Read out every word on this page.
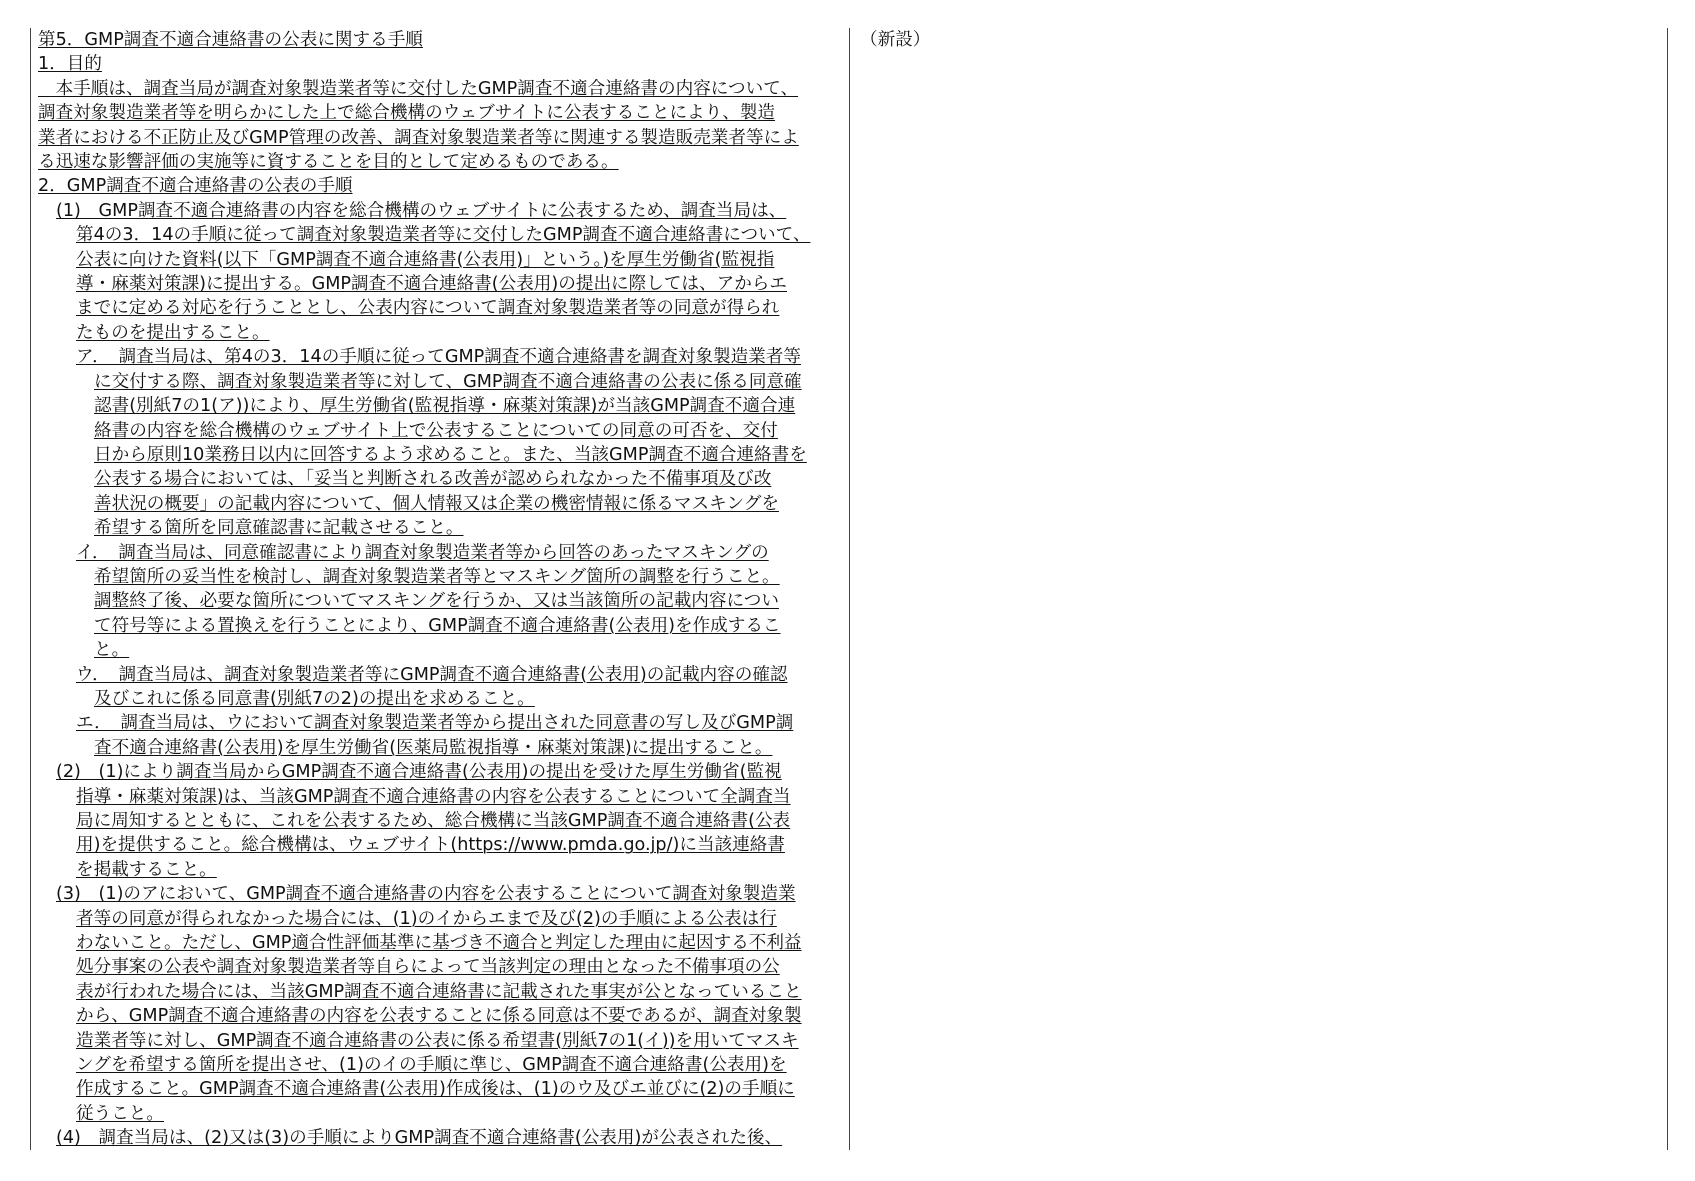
第5．GMP調査不適合連絡書の公表に関する手順
1．目的
　本手順は、調査当局が調査対象製造業者等に交付したGMP調査不適合連絡書の内容について、
調査対象製造業者等を明らかにした上で総合機構のウェブサイトに公表することにより、製造
業者における不正防止及びGMP管理の改善、調査対象製造業者等に関連する製造販売業者等によ
る迅速な影響評価の実施等に資することを目的として定めるものである。
2．GMP調査不適合連絡書の公表の手順
(1)　GMP調査不適合連絡書の内容を総合機構のウェブサイトに公表するため、調査当局は、
第4の3．14の手順に従って調査対象製造業者等に交付したGMP調査不適合連絡書について、
公表に向けた資料(以下「GMP調査不適合連絡書(公表用)」という。)を厚生労働省(監視指
導・麻薬対策課)に提出する。GMP調査不適合連絡書(公表用)の提出に際しては、アからエ
までに定める対応を行うこととし、公表内容について調査対象製造業者等の同意が得られ
たものを提出すること。
ア．　調査当局は、第4の3．14の手順に従ってGMP調査不適合連絡書を調査対象製造業者等
に交付する際、調査対象製造業者等に対して、GMP調査不適合連絡書の公表に係る同意確
認書(別紙7の1(ア))により、厚生労働省(監視指導・麻薬対策課)が当該GMP調査不適合連
絡書の内容を総合機構のウェブサイト上で公表することについての同意の可否を、交付
日から原則10業務日以内に回答するよう求めること。また、当該GMP調査不適合連絡書を
公表する場合においては、「妥当と判断される改善が認められなかった不備事項及び改
善状況の概要」の記載内容について、個人情報又は企業の機密情報に係るマスキングを
希望する箇所を同意確認書に記載させること。
イ．　調査当局は、同意確認書により調査対象製造業者等から回答のあったマスキングの
希望箇所の妥当性を検討し、調査対象製造業者等とマスキング箇所の調整を行うこと。
調整終了後、必要な箇所についてマスキングを行うか、又は当該箇所の記載内容につい
て符号等による置換えを行うことにより、GMP調査不適合連絡書(公表用)を作成するこ
と。
ウ．　調査当局は、調査対象製造業者等にGMP調査不適合連絡書(公表用)の記載内容の確認
及びこれに係る同意書(別紙7の2)の提出を求めること。
エ．　調査当局は、ウにおいて調査対象製造業者等から提出された同意書の写し及びGMP調
査不適合連絡書(公表用)を厚生労働省(医薬局監視指導・麻薬対策課)に提出すること。
(2)　(1)により調査当局からGMP調査不適合連絡書(公表用)の提出を受けた厚生労働省(監視
指導・麻薬対策課)は、当該GMP調査不適合連絡書の内容を公表することについて全調査当
局に周知するとともに、これを公表するため、総合機構に当該GMP調査不適合連絡書(公表
用)を提供すること。総合機構は、ウェブサイト(https://www.pmda.go.jp/)に当該連絡書
を掲載すること。
(3)　(1)のアにおいて、GMP調査不適合連絡書の内容を公表することについて調査対象製造業
者等の同意が得られなかった場合には、(1)のイからエまで及び(2)の手順による公表は行
わないこと。ただし、GMP適合性評価基準に基づき不適合と判定した理由に起因する不利益
処分事案の公表や調査対象製造業者等自らによって当該判定の理由となった不備事項の公
表が行われた場合には、当該GMP調査不適合連絡書に記載された事実が公となっていること
から、GMP調査不適合連絡書の内容を公表することに係る同意は不要であるが、調査対象製
造業者等に対し、GMP調査不適合連絡書の公表に係る希望書(別紙7の1(イ))を用いてマスキ
ングを希望する箇所を提出させ、(1)のイの手順に準じ、GMP調査不適合連絡書(公表用)を
作成すること。GMP調査不適合連絡書(公表用)作成後は、(1)のウ及びエ並びに(2)の手順に
従うこと。
(4)　調査当局は、(2)又は(3)の手順によりGMP調査不適合連絡書(公表用)が公表された後、
（新設）
